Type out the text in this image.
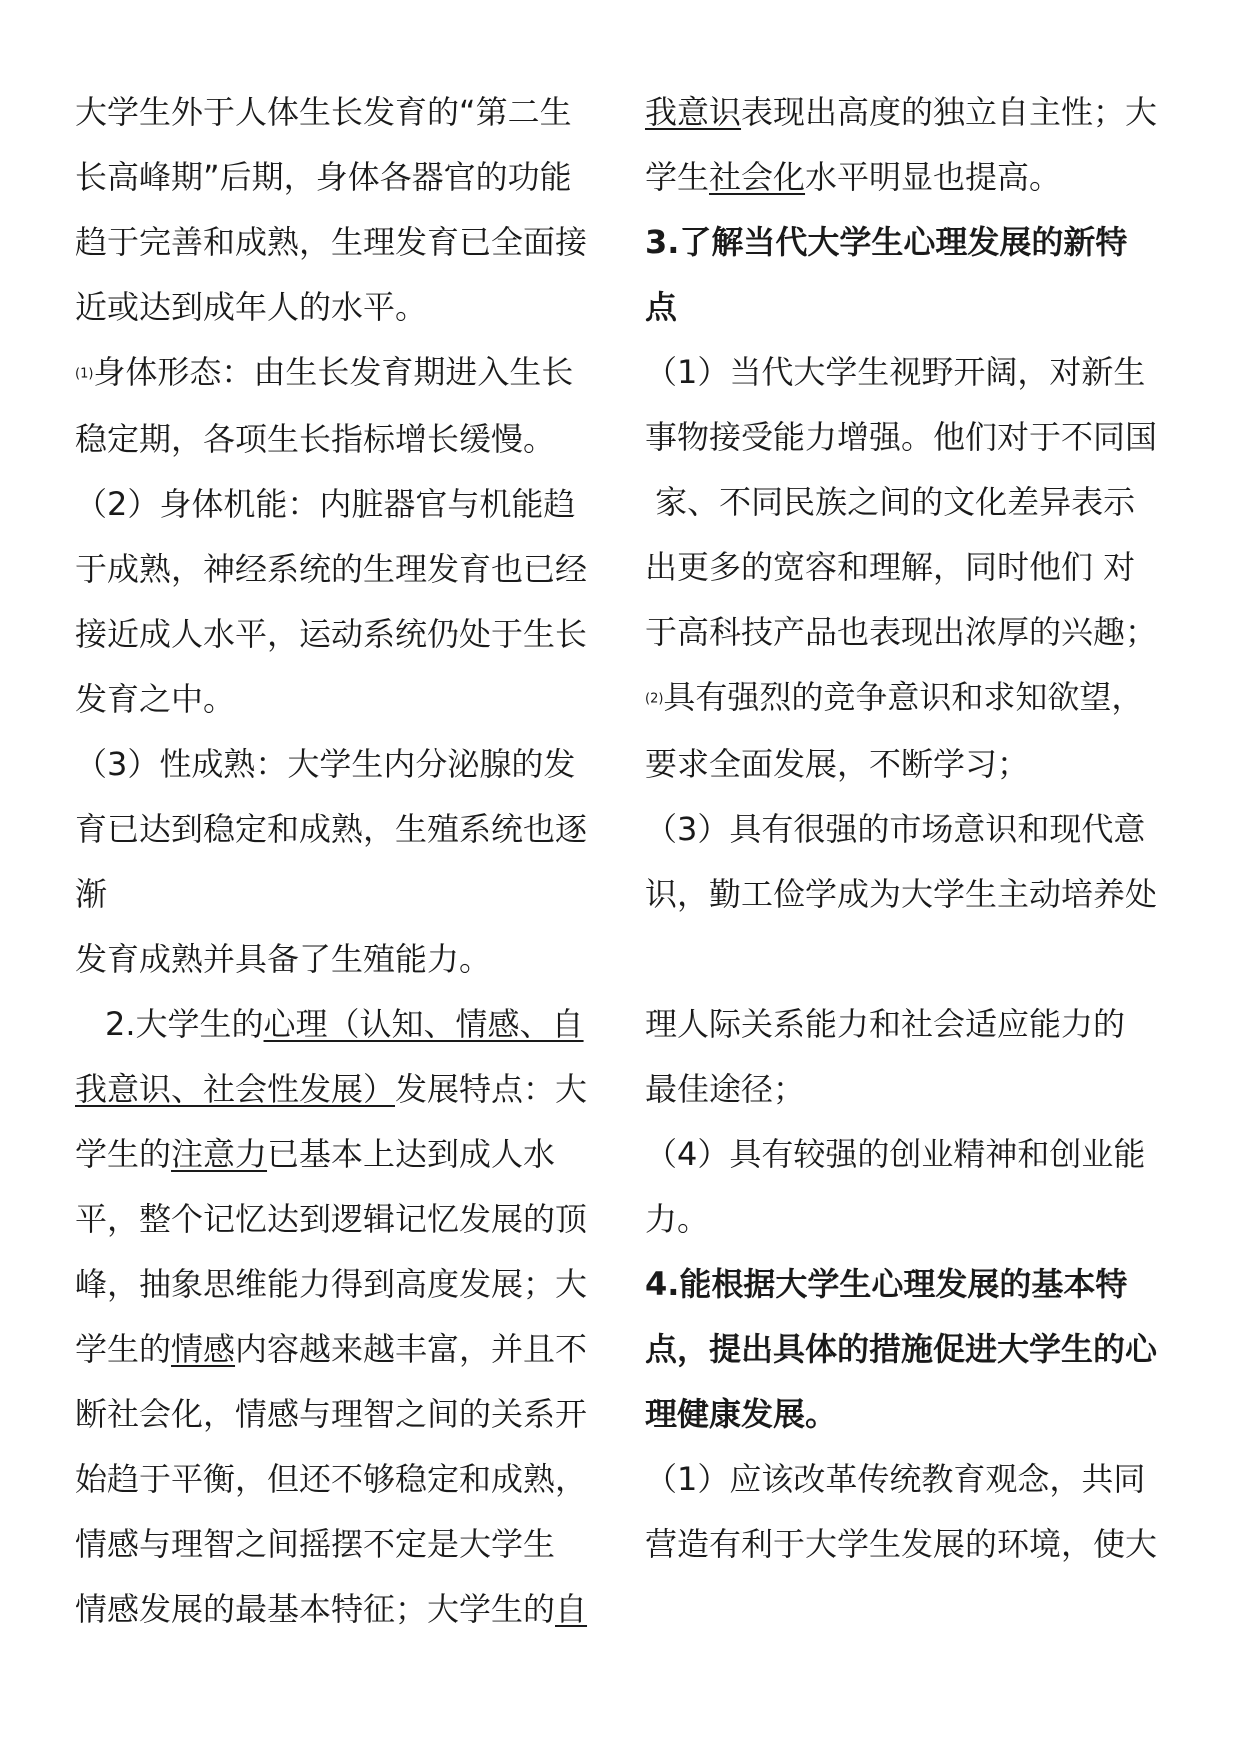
大学生外于人体生长发育的“第二生
长高峰期”后期，身体各器官的功能
趋于完善和成熟，生理发育已全面接
近或达到成年人的水平。
(1)身体形态：由生长发育期进入生长
稳定期，各项生长指标增长缓慢。
（2）身体机能：内脏器官与机能趋
于成熟，神经系统的生理发育也已经
接近成人水平，运动系统仍处于生长
发育之中。
（3）性成熟：大学生内分泌腺的发
育已达到稳定和成熟，生殖系统也逐
渐
发育成熟并具备了生殖能力。
2.大学生的心理（认知、情感、自
我意识、社会性发展）发展特点：大
学生的注意力已基本上达到成人水
平，整个记忆达到逻辑记忆发展的顶
峰，抽象思维能力得到高度发展；大
学生的情感内容越来越丰富，并且不
断社会化，情感与理智之间的关系开
始趋于平衡，但还不够稳定和成熟，
情感与理智之间摇摆不定是大学生
情感发展的最基本特征；大学生的自
我意识表现出高度的独立自主性；大
学生社会化水平明显也提高。
3.了解当代大学生心理发展的新特
点
（1）当代大学生视野开阔，对新生
事物接受能力增强。他们对于不同国
家、不同民族之间的文化差异表示
出更多的宽容和理解，同时他们 对
于高科技产品也表现出浓厚的兴趣；
(2)具有强烈的竞争意识和求知欲望，
要求全面发展，不断学习；
（3）具有很强的市场意识和现代意
识，勤工俭学成为大学生主动培养处
理人际关系能力和社会适应能力的
最佳途径；
（4）具有较强的创业精神和创业能
力。
4.能根据大学生心理发展的基本特
点，提出具体的措施促进大学生的心
理健康发展。
（1）应该改革传统教育观念，共同
营造有利于大学生发展的环境，使大
